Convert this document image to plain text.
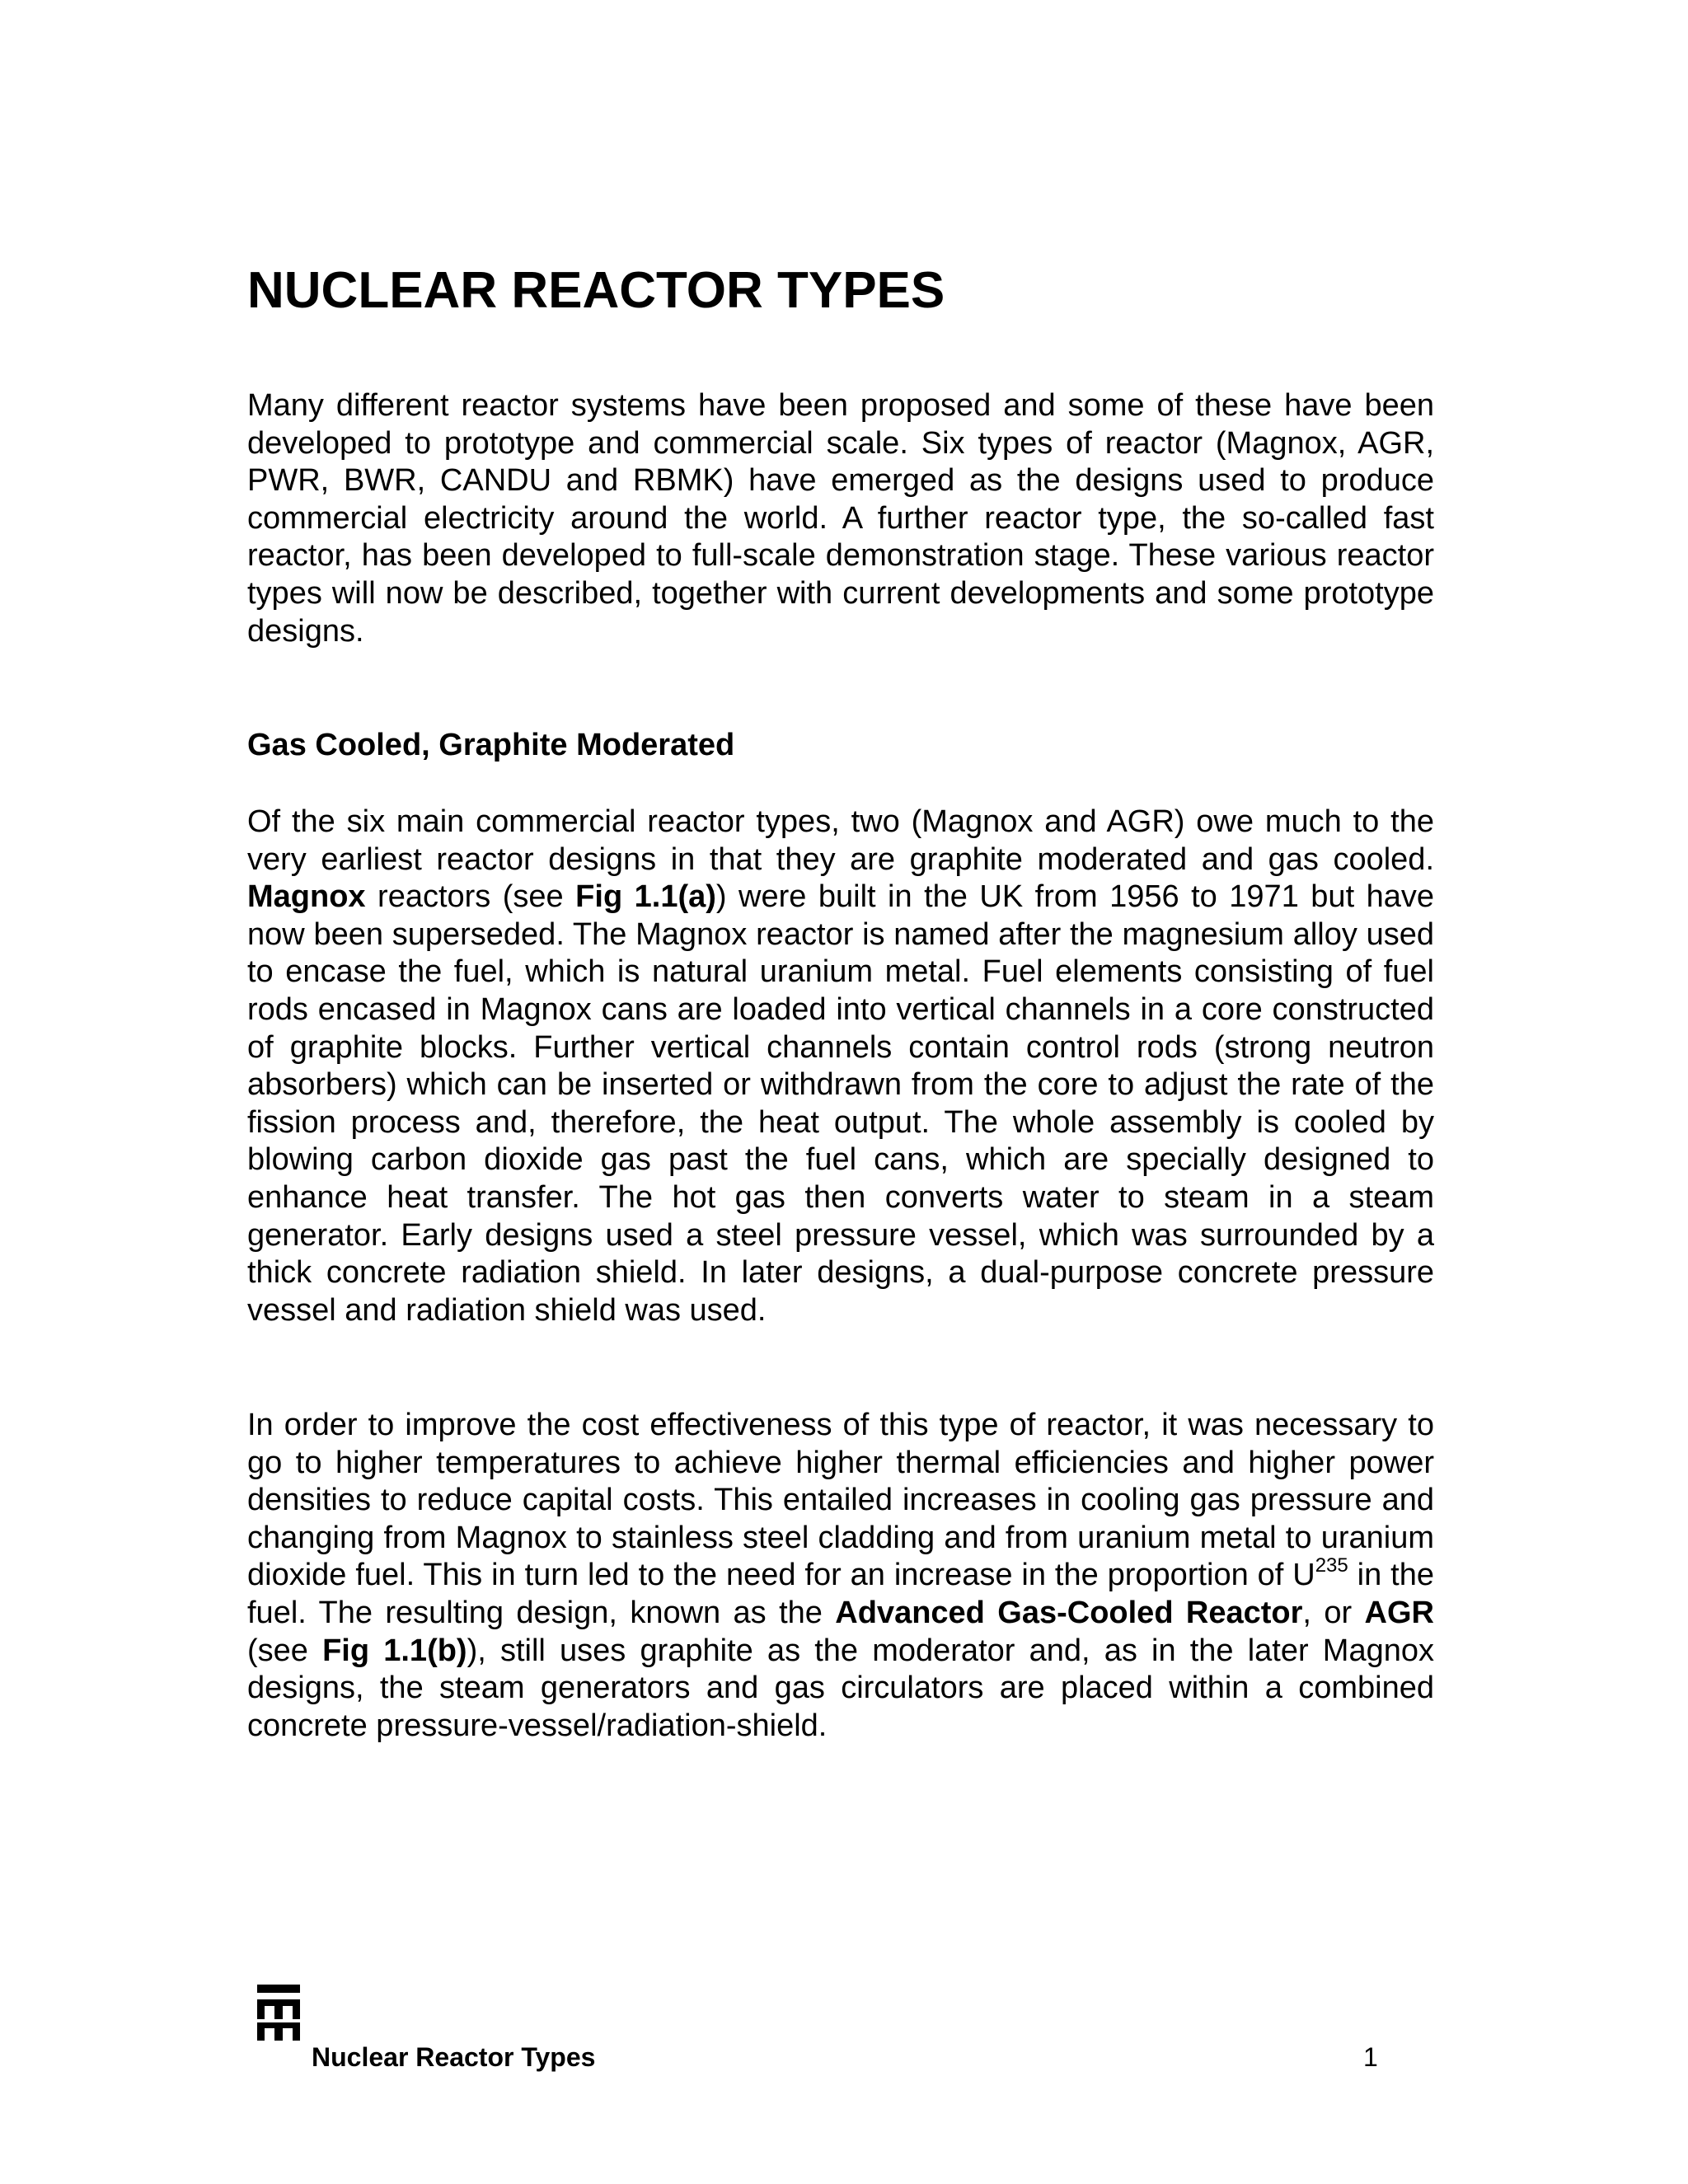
NUCLEAR REACTOR TYPES

Many different reactor systems have been proposed and some of these have been developed to prototype and commercial scale. Six types of reactor (Magnox, AGR, PWR, BWR, CANDU and RBMK) have emerged as the designs used to produce commercial electricity around the world. A further reactor type, the so-called fast reactor, has been developed to full-scale demonstration stage. These various reactor types will now be described, together with current developments and some prototype designs.

Gas Cooled, Graphite Moderated

Of the six main commercial reactor types, two (Magnox and AGR) owe much to the very earliest reactor designs in that they are graphite moderated and gas cooled. Magnox reactors (see Fig 1.1(a)) were built in the UK from 1956 to 1971 but have now been superseded. The Magnox reactor is named after the magnesium alloy used to encase the fuel, which is natural uranium metal. Fuel elements consisting of fuel rods encased in Magnox cans are loaded into vertical channels in a core constructed of graphite blocks. Further vertical channels contain control rods (strong neutron absorbers) which can be inserted or withdrawn from the core to adjust the rate of the fission process and, therefore, the heat output. The whole assembly is cooled by blowing carbon dioxide gas past the fuel cans, which are specially designed to enhance heat transfer. The hot gas then converts water to steam in a steam generator. Early designs used a steel pressure vessel, which was surrounded by a thick concrete radiation shield. In later designs, a dual-purpose concrete pressure vessel and radiation shield was used.

In order to improve the cost effectiveness of this type of reactor, it was necessary to go to higher temperatures to achieve higher thermal efficiencies and higher power densities to reduce capital costs. This entailed increases in cooling gas pressure and changing from Magnox to stainless steel cladding and from uranium metal to uranium dioxide fuel. This in turn led to the need for an increase in the proportion of $U^{235}$ in the fuel. The resulting design, known as the Advanced Gas-Cooled Reactor, or AGR (see Fig 1.1(b)), still uses graphite as the moderator and, as in the later Magnox designs, the steam generators and gas circulators are placed within a combined concrete pressure-vessel/radiation-shield.

Nuclear Reactor Types	1
